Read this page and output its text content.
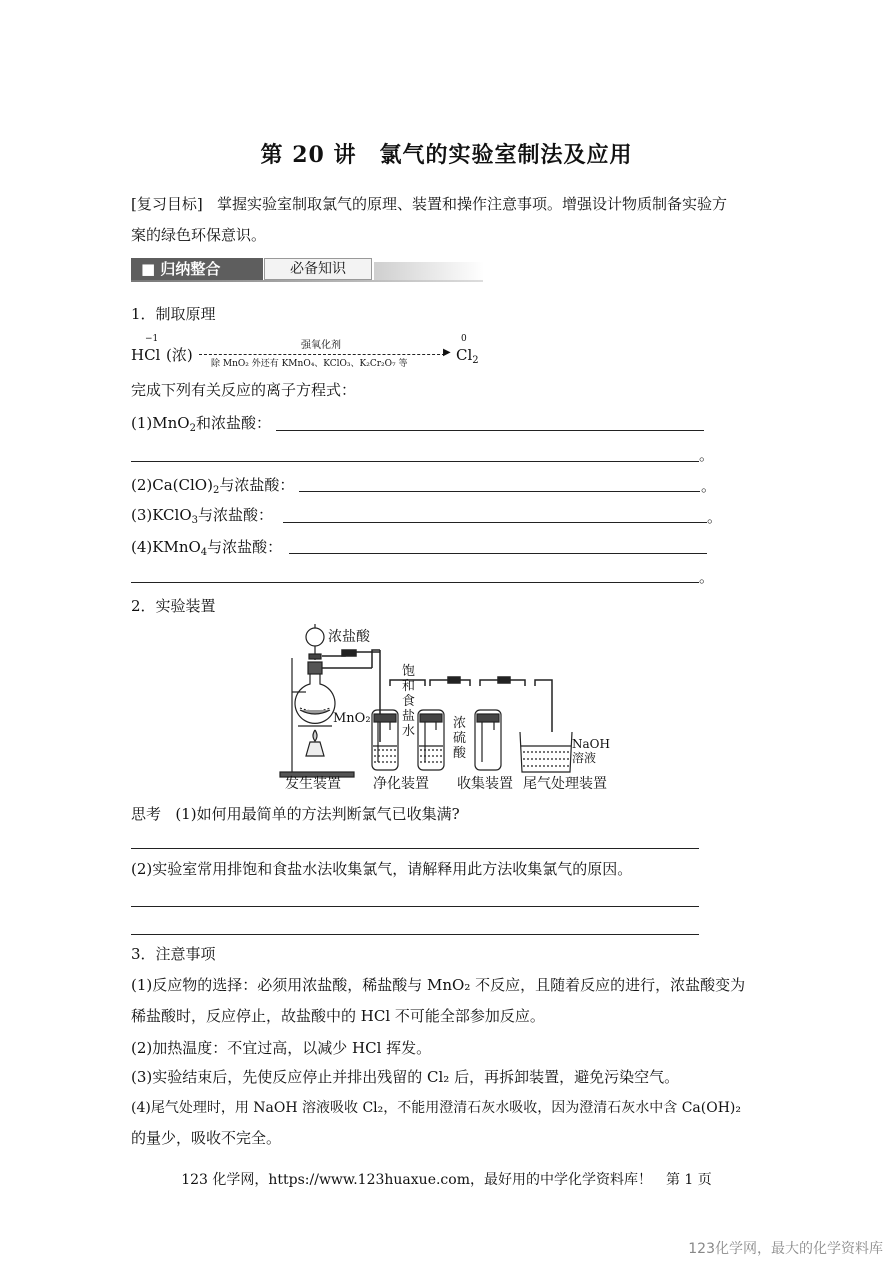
第 20 讲　氯气的实验室制法及应用
[复习目标] 掌握实验室制取氯气的原理、装置和操作注意事项。增强设计物质制备实验方
案的绿色环保意识。
■ 归纳整合	必备知识
1．制取原理
−1
HCl (浓)
强氧化剂
▶
除 MnO₂ 外还有 KMnO₄、KClO₃、K₂Cr₂O₇ 等
0
$Cl_2$
完成下列有关反应的离子方程式：
(1)MnO$_2$和浓盐酸：
。
$(2)Ca(ClO)_2$与浓盐酸：	。
(3)KClO$_3$与浓盐酸：	。
(4)KMnO$_4$与浓盐酸：
。
2．实验装置
浓盐酸
MnO₂
饱
和
食
盐
水
浓
硫
酸
NaOH
溶液
发生装置 净化装置 收集装置 尾气处理装置
思考 (1)如何用最简单的方法判断氯气已收集满?
(2)实验室常用排饱和食盐水法收集氯气，请解释用此方法收集氯气的原因。
3．注意事项
(1)反应物的选择：必须用浓盐酸，稀盐酸与 MnO₂ 不反应，且随着反应的进行，浓盐酸变为
稀盐酸时，反应停止，故盐酸中的 HCl 不可能全部参加反应。
(2)加热温度：不宜过高，以减少 HCl 挥发。
(3)实验结束后，先使反应停止并排出残留的 Cl₂ 后，再拆卸装置，避免污染空气。
(4)尾气处理时，用 NaOH 溶液吸收 Cl₂，不能用澄清石灰水吸收，因为澄清石灰水中含 Ca(OH)₂
的量少，吸收不完全。
123 化学网，https://www.123huaxue.com，最好用的中学化学资料库！　第 1 页
123化学网，最大的化学资料库
